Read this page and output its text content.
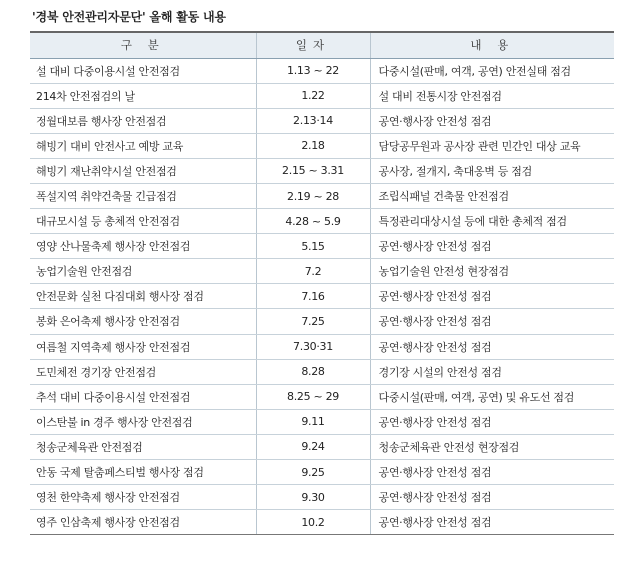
'경북 안전관리자문단' 올해 활동 내용
구 분	일자	내 용
설 대비 다중이용시설 안전점검	1.13 ~ 22	다중시설(판매, 여객, 공연) 안전실태 점검
214차 안전점검의 날	1.22	설 대비 전통시장 안전점검
정월대보름 행사장 안전점검	2.13·14	공연·행사장 안전성 점검
해빙기 대비 안전사고 예방 교육	2.18	담당공무원과 공사장 관련 민간인 대상 교육
해빙기 재난취약시설 안전점검	2.15 ~ 3.31	공사장, 절개지, 축대옹벽 등 점검
폭설지역 취약건축물 긴급점검	2.19 ~ 28	조립식패널 건축물 안전점검
대규모시설 등 총체적 안전점검	4.28 ~ 5.9	특정관리대상시설 등에 대한 총체적 점검
영양 산나물축제 행사장 안전점검	5.15	공연·행사장 안전성 점검
농업기술원 안전점검	7.2	농업기술원 안전성 현장점검
안전문화 실천 다짐대회 행사장 점검	7.16	공연·행사장 안전성 점검
봉화 은어축제 행사장 안전점검	7.25	공연·행사장 안전성 점검
여름철 지역축제 행사장 안전점검	7.30·31	공연·행사장 안전성 점검
도민체전 경기장 안전점검	8.28	경기장 시설의 안전성 점검
추석 대비 다중이용시설 안전점검	8.25 ~ 29	다중시설(판매, 여객, 공연) 및 유도선 점검
이스탄불 in 경주 행사장 안전점검	9.11	공연·행사장 안전성 점검
청송군체육관 안전점검	9.24	청송군체육관 안전성 현장점검
안동 국제 탈춤페스티벌 행사장 점검	9.25	공연·행사장 안전성 점검
영천 한약축제 행사장 안전점검	9.30	공연·행사장 안전성 점검
영주 인삼축제 행사장 안전점검	10.2	공연·행사장 안전성 점검
